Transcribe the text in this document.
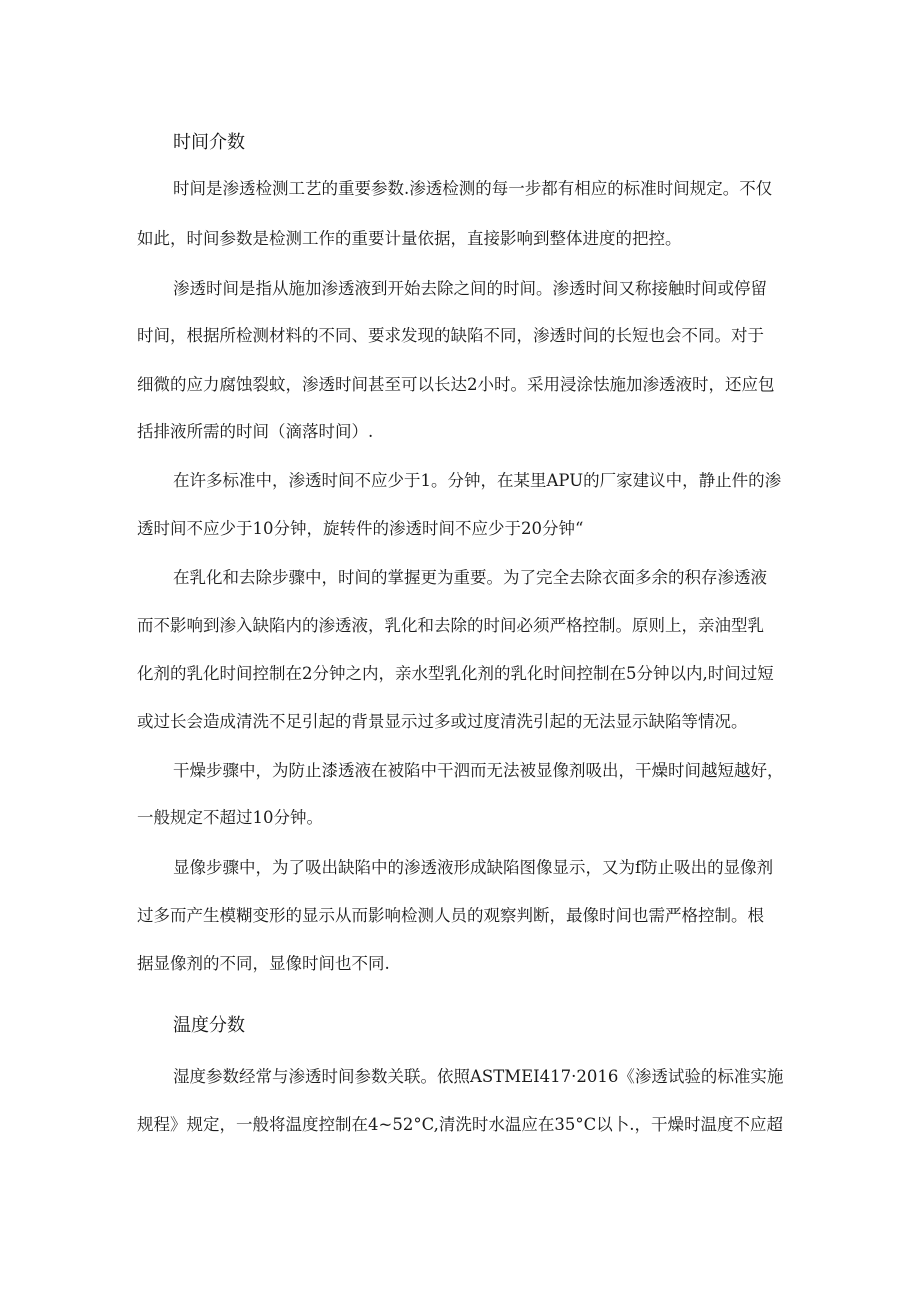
时间介数
时间是渗透检测工艺的重要参数.渗透检测的每一步都有相应的标准时间规定。不仅
如此，时间参数是检测工作的重要计量依据，直接影响到整体进度的把控。
渗透时间是指从施加渗透液到开始去除之间的时间。渗透时间又称接触时间或停留
时间，根据所检测材料的不同、要求发现的缺陷不同，渗透时间的长短也会不同。对于
细微的应力腐蚀裂蚊，渗透时间甚至可以长达2小时。采用浸涂怯施加渗透液时，还应包
括排液所需的时间（滴落时间）.
在许多标准中，渗透时间不应少于1。分钟，在某里APU的厂家建议中，静止件的渗
透时间不应少于10分钟，旋转件的渗透时间不应少于20分钟“
在乳化和去除步骤中，时间的掌握更为重要。为了完全去除衣面多余的积存渗透液
而不影响到渗入缺陷内的渗透液，乳化和去除的时间必须严格控制。原则上，亲油型乳
化剂的乳化时间控制在2分钟之内，亲水型乳化剂的乳化时间控制在5分钟以内,时间过短
或过长会造成清洗不足引起的背景显示过多或过度清洗引起的无法显示缺陷等情况。
干燥步骤中，为防止漆透液在被陷中干泗而无法被显像剂吸出，干燥时间越短越好，
一般规定不超过10分钟。
显像步骤中，为了吸出缺陷中的渗透液形成缺陷图像显示，又为f防止吸出的显像剂
过多而产生模糊变形的显示从而影响检测人员的观察判断，最像时间也需严格控制。根
据显像剂的不同，显像时间也不同.
温度分数
湿度参数经常与渗透时间参数关联。依照ASTMEI417·2016《渗透试验的标准实施
规程》规定，一般将温度控制在4~52°C,清洗时水温应在35°C以卜.，干燥时温度不应超
